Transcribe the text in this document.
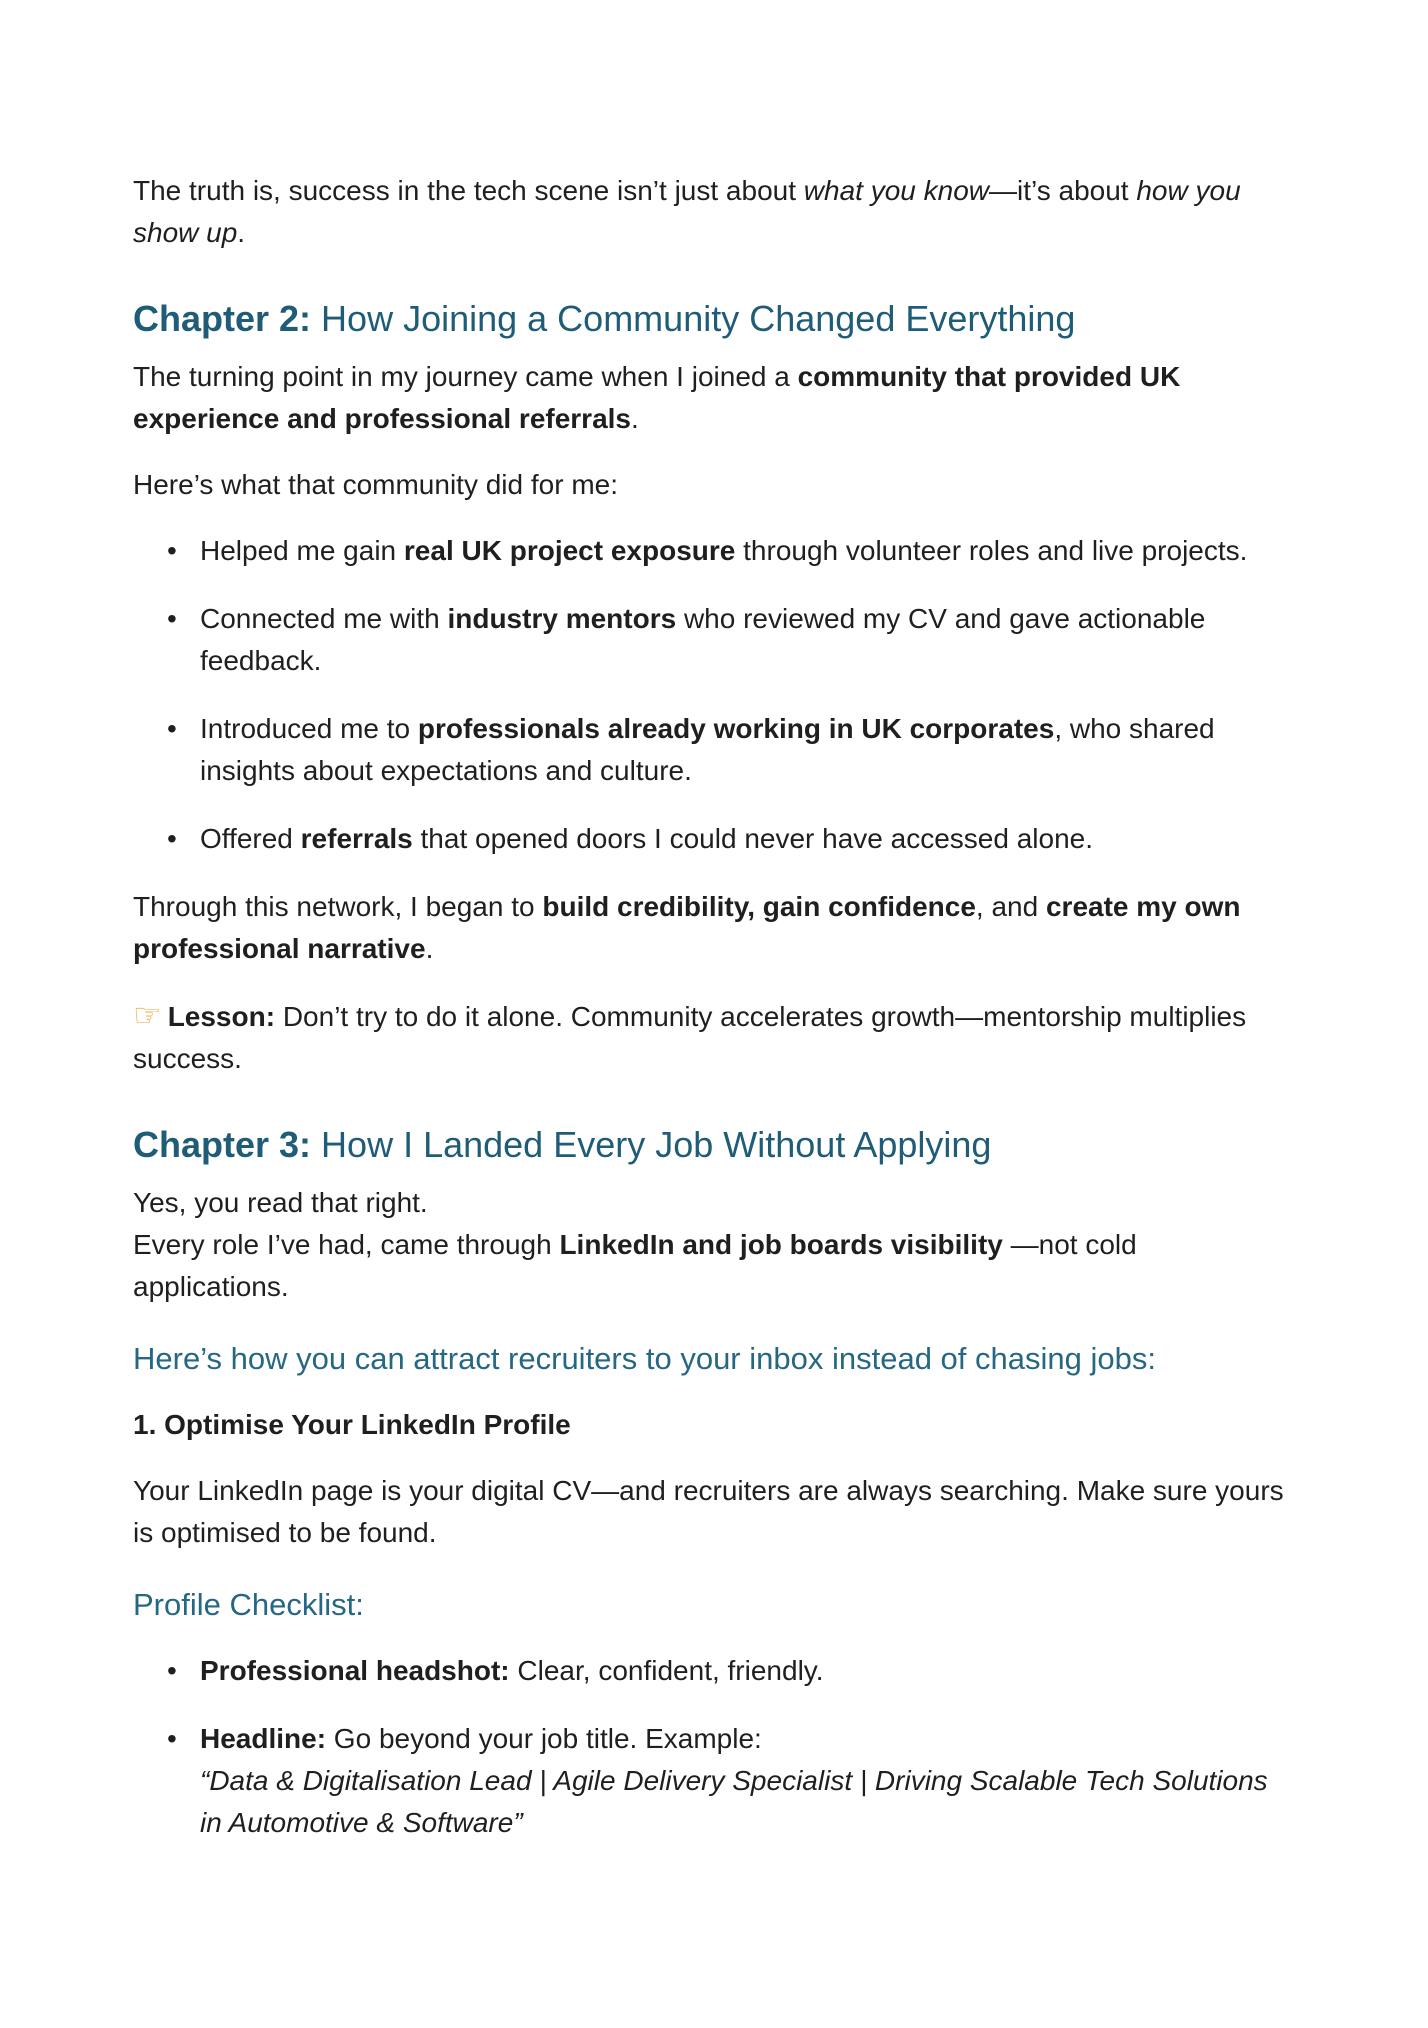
The truth is, success in the tech scene isn’t just about what you know—it’s about how you show up.

Chapter 2: How Joining a Community Changed Everything

The turning point in my journey came when I joined a community that provided UK experience and professional referrals.

Here’s what that community did for me:

• Helped me gain real UK project exposure through volunteer roles and live projects.
• Connected me with industry mentors who reviewed my CV and gave actionable feedback.
• Introduced me to professionals already working in UK corporates, who shared insights about expectations and culture.
• Offered referrals that opened doors I could never have accessed alone.

Through this network, I began to build credibility, gain confidence, and create my own professional narrative.

☞ Lesson: Don’t try to do it alone. Community accelerates growth—mentorship multiplies success.

Chapter 3: How I Landed Every Job Without Applying

Yes, you read that right.
Every role I’ve had, came through LinkedIn and job boards visibility —not cold applications.

Here’s how you can attract recruiters to your inbox instead of chasing jobs:

1. Optimise Your LinkedIn Profile

Your LinkedIn page is your digital CV—and recruiters are always searching. Make sure yours is optimised to be found.

Profile Checklist:
• Professional headshot: Clear, confident, friendly.
• Headline: Go beyond your job title. Example:
“Data & Digitalisation Lead | Agile Delivery Specialist | Driving Scalable Tech Solutions in Automotive & Software”
